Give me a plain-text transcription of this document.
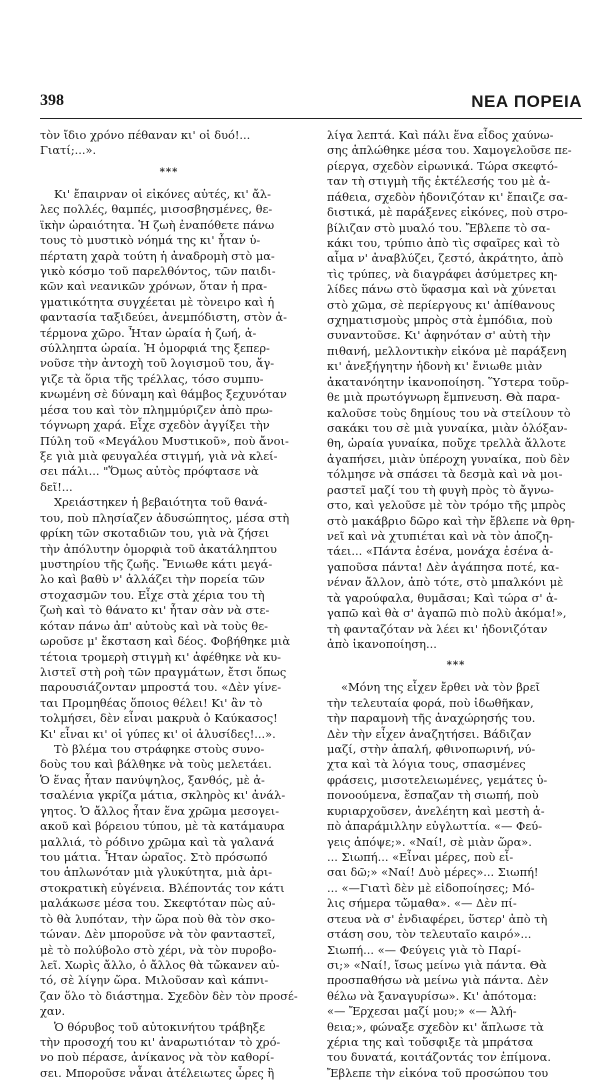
398	ΝΕΑ ΠΟΡΕΙΑ

τὸν ἴδιο χρόνο πέθαναν κι' οἱ δυό!...
Γιατί;...».

***

Κι' ἔπαιρναν οἱ εἰκόνες αὐτές, κι' ἄλ-
λες πολλές, θαμπές, μισοσβησμένες, θε-
ϊκὴν ὡραιότητα. Ἡ ζωὴ ἐναπόθετε πάνω
τους τὸ μυστικὸ νόημά της κι' ἦταν ὑ-
πέρτατη χαρὰ τούτη ἡ ἀναδρομὴ στὸ μα-
γικὸ κόσμο τοῦ παρελθόντος, τῶν παιδι-
κῶν καὶ νεανικῶν χρόνων, ὅταν ἡ πρα-
γματικότητα συγχέεται μὲ τὸνειρο καὶ ἡ
φαντασία ταξιδεύει, ἀνεμπόδιστη, στὸν ἀ-
τέρμονα χῶρο. Ἦταν ὡραία ἡ ζωή, ἀ-
σύλληπτα ὡραία. Ἡ ὁμορφιά της ξεπερ-
νοῦσε τὴν ἀντοχὴ τοῦ λογισμοῦ του, ἄγ-
γιζε τὰ ὅρια τῆς τρέλλας, τόσο συμπυ-
κνωμένη σὲ δύναμη καὶ θάμβος ξεχυνόταν
μέσα του καὶ τὸν πλημμύριζεν ἀπὸ πρω-
τόγνωρη χαρά. Εἶχε σχεδὸν ἀγγίξει τὴν
Πύλη τοῦ «Μεγάλου Μυστικοῦ», ποὺ ἄνοι-
ξε γιὰ μιὰ φευγαλέα στιγμή, γιὰ νὰ κλεί-
σει πάλι... "Ὅμως αὐτὸς πρόφτασε νὰ
δεῖ!...

Χρειάστηκεν ἡ βεβαιότητα τοῦ θανά-
του, ποὺ πλησίαζεν ἀδυσώπητος, μέσα στὴ
φρίκη τῶν σκοταδιῶν του, γιὰ νὰ ζήσει
τὴν ἀπόλυτην ὀμορφιὰ τοῦ ἀκατάληπτου
μυστηρίου τῆς ζωῆς. Ἔνιωθε κάτι μεγά-
λο καὶ βαθὺ ν' ἀλλάζει τὴν πορεία τῶν
στοχασμῶν του. Εἶχε στὰ χέρια του τὴ
ζωὴ καὶ τὸ θάνατο κι' ἦταν σὰν νὰ στε-
κόταν πάνω ἀπ' αὐτοὺς καὶ νὰ τοὺς θε-
ωροῦσε μ' ἔκσταση καὶ δέος. Φοβήθηκε μιὰ
τέτοια τρομερὴ στιγμὴ κι' ἀφέθηκε νὰ κυ-
λιστεῖ στὴ ροὴ τῶν πραγμάτων, ἔτσι ὅπως
παρουσιάζονταν μπροστά του. «Δὲν γίνε-
ται Προμηθέας ὅποιος θέλει! Κι' ἂν τὸ
τολμήσει, δὲν εἶναι μακρυὰ ὁ Καύκασος!
Κι' εἶναι κι' οἱ γύπες κι' οἱ ἁλυσίδες!...».

Τὸ βλέμα του στράφηκε στοὺς συνο-
δοὺς του καὶ βάλθηκε νὰ τοὺς μελετάει.
Ὁ ἕνας ἦταν πανύψηλος, ξανθός, μὲ ἀ-
τσαλένια γκρίζα μάτια, σκληρὸς κι' ἀνάλ-
γητος. Ὁ ἄλλος ἦταν ἕνα χρῶμα μεσογει-
ακοῦ καὶ βόρειου τύπου, μὲ τὰ κατάμαυρα
μαλλιά, τὸ ρόδινο χρῶμα καὶ τὰ γαλανά
του μάτια. Ἦταν ὡραῖος. Στὸ πρόσωπό
του ἁπλωνόταν μιὰ γλυκύτητα, μιὰ ἀρι-
στοκρατικὴ εὐγένεια. Βλέποντάς τον κάτι
μαλάκωσε μέσα του. Σκεφτόταν πὼς αὐ-
τὸ θὰ λυπόταν, τὴν ὥρα ποὺ θὰ τὸν σκο-
τώναν. Δὲν μποροῦσε νὰ τὸν φανταστεῖ,
μὲ τὸ πολύβολο στὸ χέρι, νὰ τὸν πυροβο-
λεῖ. Χωρὶς ἄλλο, ὁ ἄλλος θὰ τὤκανεν αὐ-
τό, σὲ λίγην ὥρα. Μιλοῦσαν καὶ κάπνι-
ζαν ὅλο τὸ διάστημα. Σχεδὸν δὲν τὸν προσέ-
χαν.

Ὁ θόρυβος τοῦ αὐτοκινήτου τράβηξε
τὴν προσοχή του κι' ἀναρωτιόταν τὸ χρό-
νο ποὺ πέρασε, ἀνίκανος νὰ τὸν καθορί-
σει. Μποροῦσε νἆναι ἀτέλειωτες ὧρες ἢ

λίγα λεπτά. Καὶ πάλι ἕνα εἶδος χαύνω-
σης ἁπλώθηκε μέσα του. Χαμογελοῦσε πε-
ρίεργα, σχεδὸν εἰρωνικά. Τώρα σκεφτό-
ταν τὴ στιγμὴ τῆς ἐκτέλεσής του μὲ ἀ-
πάθεια, σχεδὸν ἡδονιζόταν κι' ἔπαιζε σα-
διστικά, μὲ παράξενες εἰκόνες, ποὺ στρο-
βίλιζαν στὸ μυαλό του. Ἔβλεπε τὸ σα-
κάκι του, τρύπιο ἀπὸ τὶς σφαῖρες καὶ τὸ
αἷμα ν' ἀναβλύζει, ζεστό, ἀκράτητο, ἀπὸ
τὶς τρύπες, νὰ διαγράφει ἀσύμετρες κη-
λίδες πάνω στὸ ὕφασμα καὶ νὰ χύνεται
στὸ χῶμα, σὲ περίεργους κι' ἀπίθανους
σχηματισμοὺς μπρὸς στὰ ἐμπόδια, ποὺ
συναντοῦσε. Κι' ἀφηνόταν σ' αὐτὴ τὴν
πιθανή, μελλοντικὴν εἰκόνα μὲ παράξενη
κι' ἀνεξήγητην ἡδονὴ κι' ἔνιωθε μιὰν
ἀκατανόητην ἱκανοποίηση. Ὕστερα τοῦρ-
θε μιὰ πρωτόγνωρη ἔμπνευση. Θὰ παρα-
καλοῦσε τοὺς δημίους του νὰ στείλουν τὸ
σακάκι του σὲ μιὰ γυναίκα, μιὰν ὁλόξαν-
θη, ὡραία γυναίκα, ποὔχε τρελλὰ ἄλλοτε
ἀγαπήσει, μιὰν ὑπέροχη γυναίκα, ποὺ δὲν
τόλμησε νὰ σπάσει τὰ δεσμὰ καὶ νὰ μοι-
ραστεῖ μαζί του τὴ φυγὴ πρὸς τὸ ἄγνω-
στο, καὶ γελοῦσε μὲ τὸν τρόμο τῆς μπρὸς
στὸ μακάβριο δῶρο καὶ τὴν ἔβλεπε νὰ θρη-
νεῖ καὶ νὰ χτυπιέται καὶ νὰ τὸν ἀποζη-
τάει... «Πάντα ἐσένα, μονάχα ἐσένα ἀ-
γαποῦσα πάντα! Δὲν ἀγάπησα ποτέ, κα-
νέναν ἄλλον, ἀπὸ τότε, στὸ μπαλκόνι μὲ
τὰ γαρούφαλα, θυμᾶσαι; Καὶ τώρα σ' ἀ-
γαπῶ καὶ θὰ σ' ἀγαπῶ πιὸ πολὺ ἀκόμα!»,
τὴ φανταζόταν νὰ λέει κι' ἡδονιζόταν
ἀπὸ ἱκανοποίηση...

***

«Μόνη της εἶχεν ἔρθει νὰ τὸν βρεῖ
τὴν τελευταία φορά, ποὺ ἰδωθῆκαν,
τὴν παραμονὴ τῆς ἀναχώρησής του.
Δὲν τὴν εἶχεν ἀναζητήσει. Βάδιζαν
μαζί, στὴν ἀπαλή, φθινοπωρινή, νύ-
χτα καὶ τὰ λόγια τους, σπασμένες
φράσεις, μισοτελειωμένες, γεμάτες ὑ-
πονοούμενα, ἔσπαζαν τὴ σιωπή, ποὺ
κυριαρχοῦσεν, ἀνελέητη καὶ μεστὴ ἀ-
πὸ ἀπαράμιλλην εὐγλωττία. «— Φεύ-
γεις ἀπόψε;». «Ναί!, σὲ μιὰν ὥρα».
... Σιωπή... «Εἶναι μέρες, ποὺ εἶ-
σαι δῶ;» «Ναί! Δυὸ μέρες»... Σιωπή!
... «—Γιατὶ δὲν μὲ εἰδοποίησες; Μό-
λις σήμερα τὤμαθα». «— Δὲν πί-
στευα νὰ σ' ἐνδιαφέρει, ὕστερ' ἀπὸ τὴ
στάση σου, τὸν τελευταῖο καιρό»...
Σιωπή... «— Φεύγεις γιὰ τὸ Παρί-
σι;» «Ναί!, ἴσως μείνω γιὰ πάντα. Θὰ
προσπαθήσω νὰ μείνω γιὰ πάντα. Δὲν
θέλω νὰ ξαναγυρίσω». Κι' ἀπότομα:
«— Ἔρχεσαι μαζί μου;» «— Ἀλή-
θεια;», φώναξε σχεδὸν κι' ἅπλωσε τὰ
χέρια της καὶ τοὔσφιξε τὰ μπράτσα
του δυνατά, κοιτάζοντάς τον ἐπίμονα.
Ἔβλεπε τὴν εἰκόνα τοῦ προσώπου του
